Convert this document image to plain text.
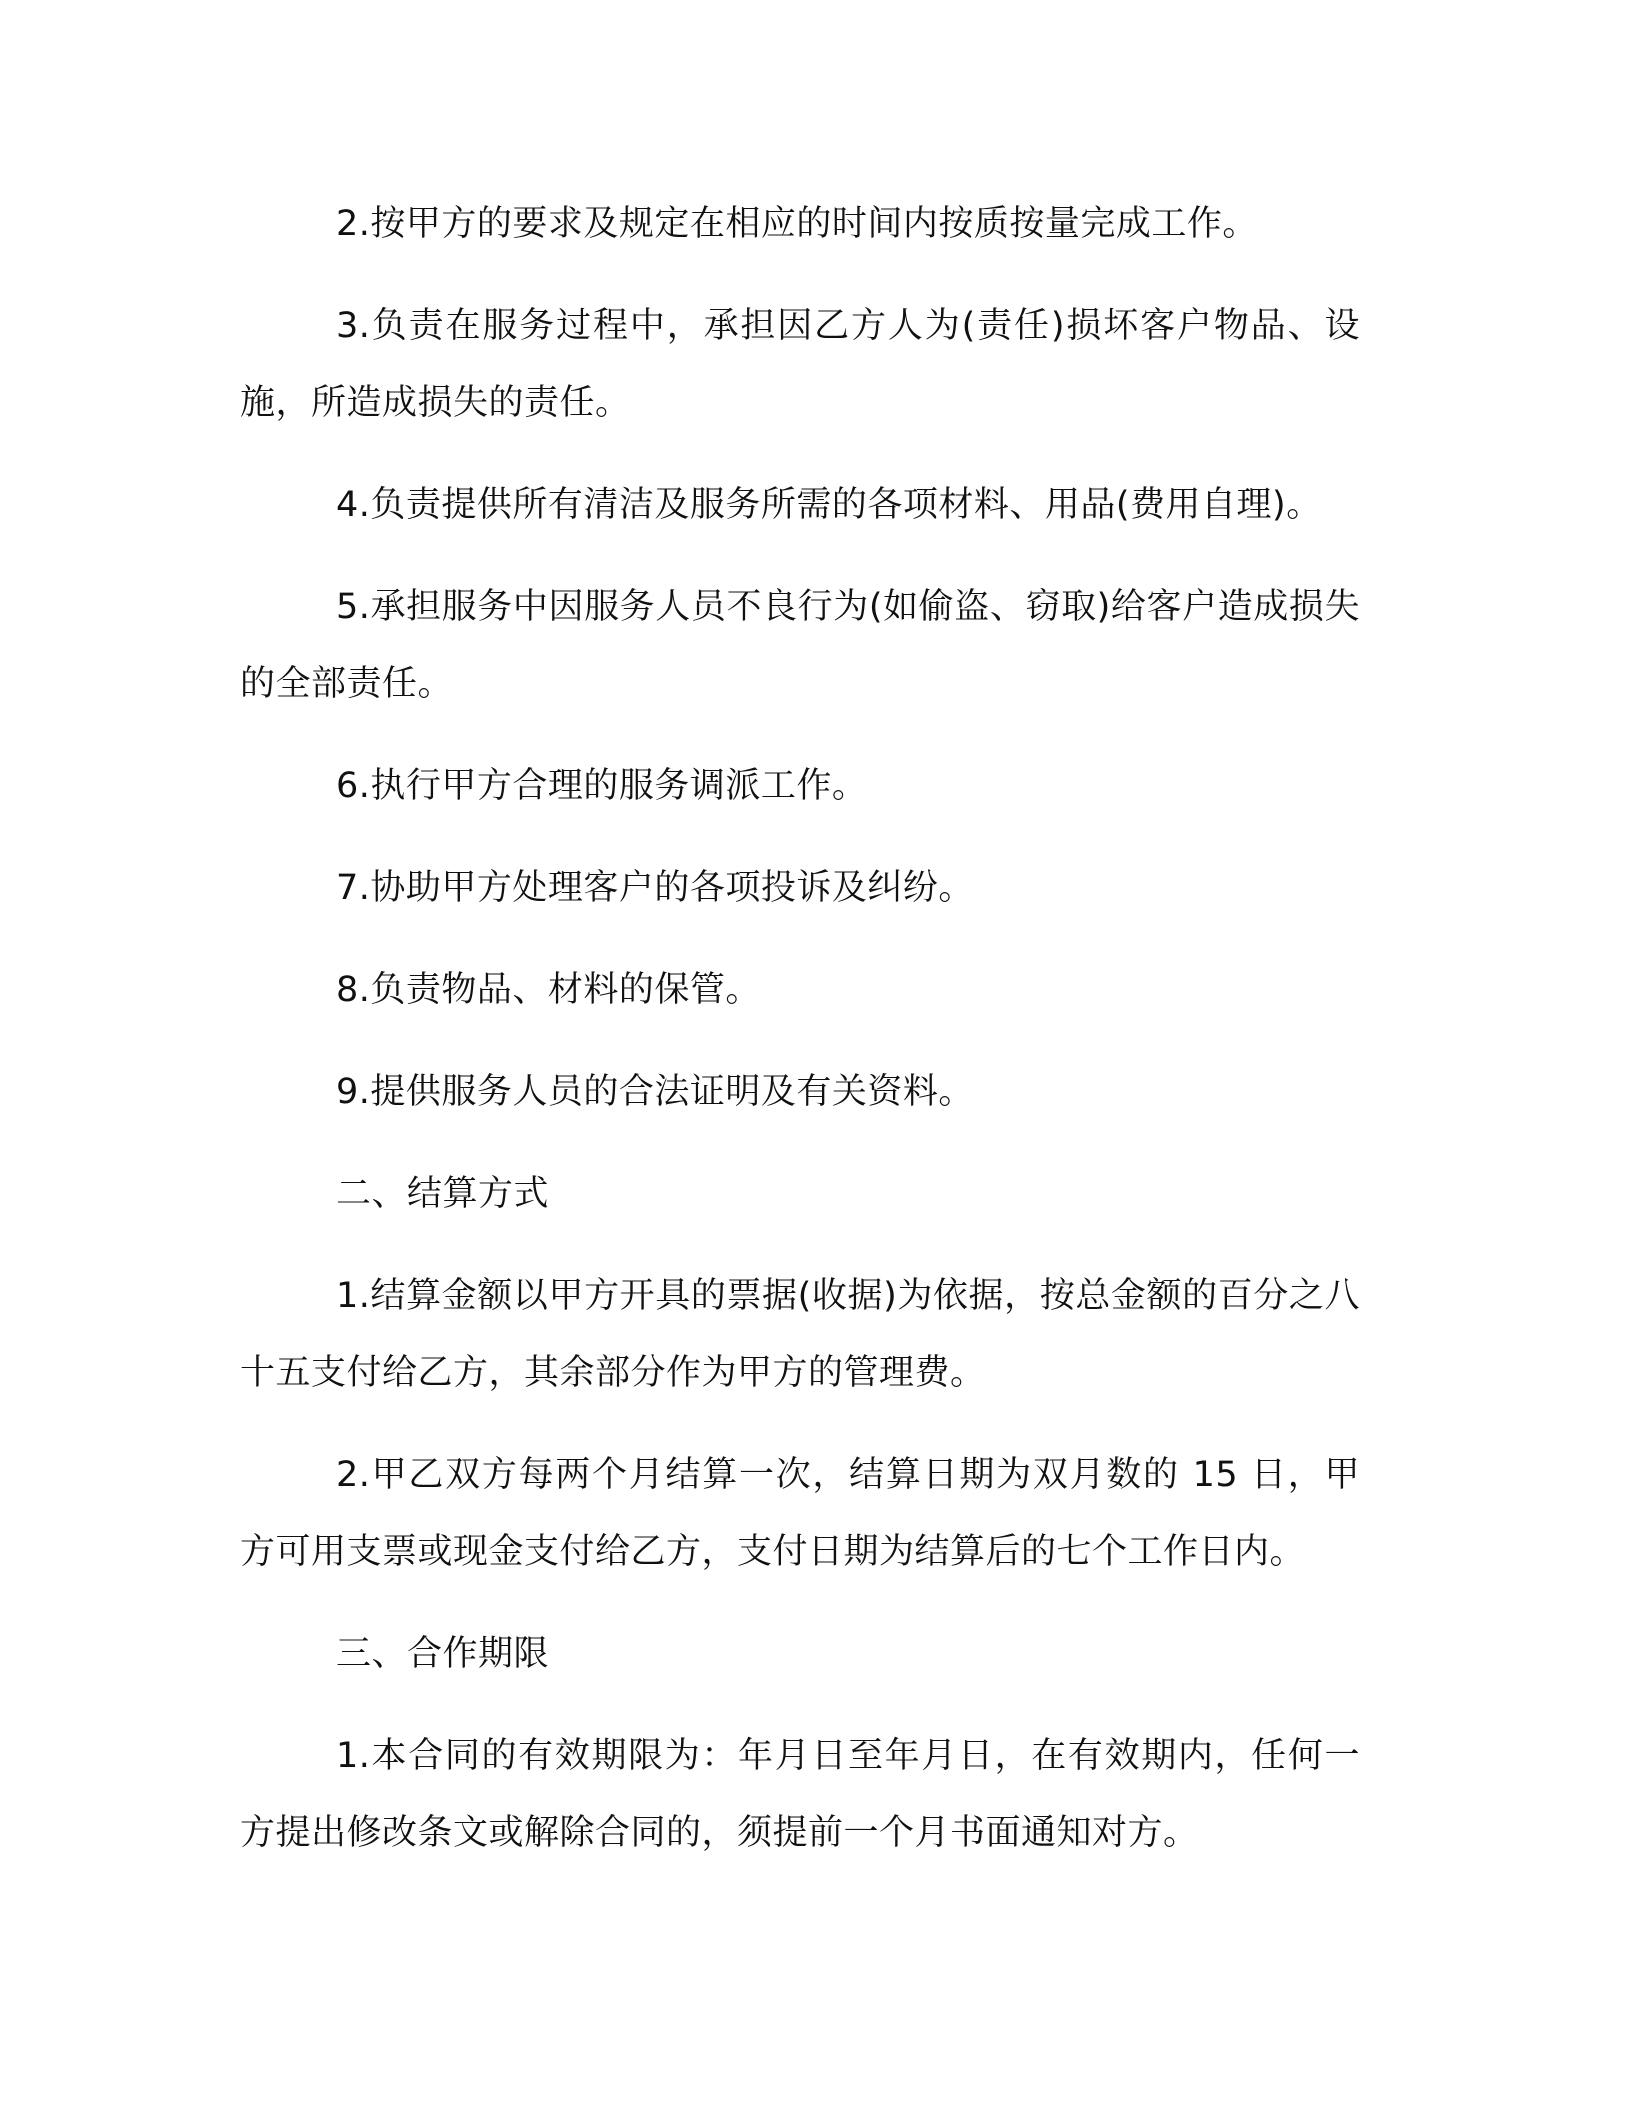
2.按甲方的要求及规定在相应的时间内按质按量完成工作。

3.负责在服务过程中，承担因乙方人为(责任)损坏客户物品、设施，所造成损失的责任。

4.负责提供所有清洁及服务所需的各项材料、用品(费用自理)。

5.承担服务中因服务人员不良行为(如偷盗、窃取)给客户造成损失的全部责任。

6.执行甲方合理的服务调派工作。

7.协助甲方处理客户的各项投诉及纠纷。

8.负责物品、材料的保管。

9.提供服务人员的合法证明及有关资料。

二、结算方式

1.结算金额以甲方开具的票据(收据)为依据，按总金额的百分之八十五支付给乙方，其余部分作为甲方的管理费。

2.甲乙双方每两个月结算一次，结算日期为双月数的 15 日，甲方可用支票或现金支付给乙方，支付日期为结算后的七个工作日内。

三、合作期限

1.本合同的有效期限为：年月日至年月日，在有效期内，任何一方提出修改条文或解除合同的，须提前一个月书面通知对方。
